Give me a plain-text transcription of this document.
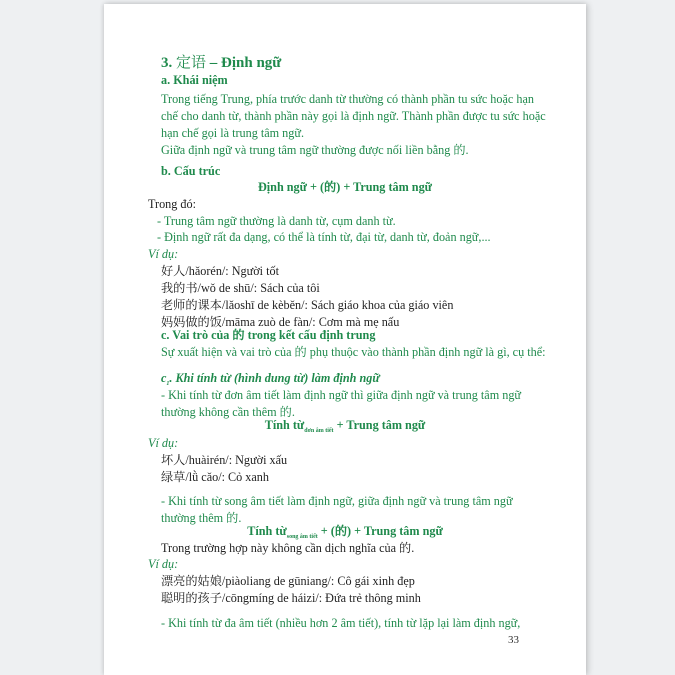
3. 定语 – Định ngữ
a. Khái niệm
Trong tiếng Trung, phía trước danh từ thường có thành phần tu sức hoặc hạn
chế cho danh từ, thành phần này gọi là định ngữ. Thành phần được tu sức hoặc
hạn chế gọi là trung tâm ngữ.
Giữa định ngữ và trung tâm ngữ thường được nối liền bằng 的.
b. Cấu trúc
Định ngữ + (的) + Trung tâm ngữ
Trong đó:
- Trung tâm ngữ thường là danh từ, cụm danh từ.
- Định ngữ rất đa dạng, có thể là tính từ, đại từ, danh từ, đoản ngữ,...
Ví dụ:
好人/hǎorén/: Người tốt
我的书/wǒ de shū/: Sách của tôi
老师的课本/lǎoshī de kèběn/: Sách giáo khoa của giáo viên
妈妈做的饭/māma zuò de fàn/: Cơm mà mẹ nấu
c. Vai trò của 的 trong kết cấu định trung
Sự xuất hiện và vai trò của 的 phụ thuộc vào thành phần định ngữ là gì, cụ thể:
$c_1$. Khi tính từ (hình dung từ) làm định ngữ
- Khi tính từ đơn âm tiết làm định ngữ thì giữa định ngữ và trung tâm ngữ
thường không cần thêm 的.
Tính từ$_{đơn âm tiết}$ + Trung tâm ngữ
Ví dụ:
坏人/huàirén/: Người xấu
绿草/lǜ cǎo/: Cỏ xanh
- Khi tính từ song âm tiết làm định ngữ, giữa định ngữ và trung tâm ngữ
thường thêm 的.
Tính từ$_{song âm tiết}$ + (的) + Trung tâm ngữ
Trong trường hợp này không cần dịch nghĩa của 的.
Ví dụ:
漂亮的姑娘/piàoliang de gūniang/: Cô gái xinh đẹp
聪明的孩子/cōngmíng de háizi/: Đứa trẻ thông minh
- Khi tính từ đa âm tiết (nhiều hơn 2 âm tiết), tính từ lặp lại làm định ngữ,
33
